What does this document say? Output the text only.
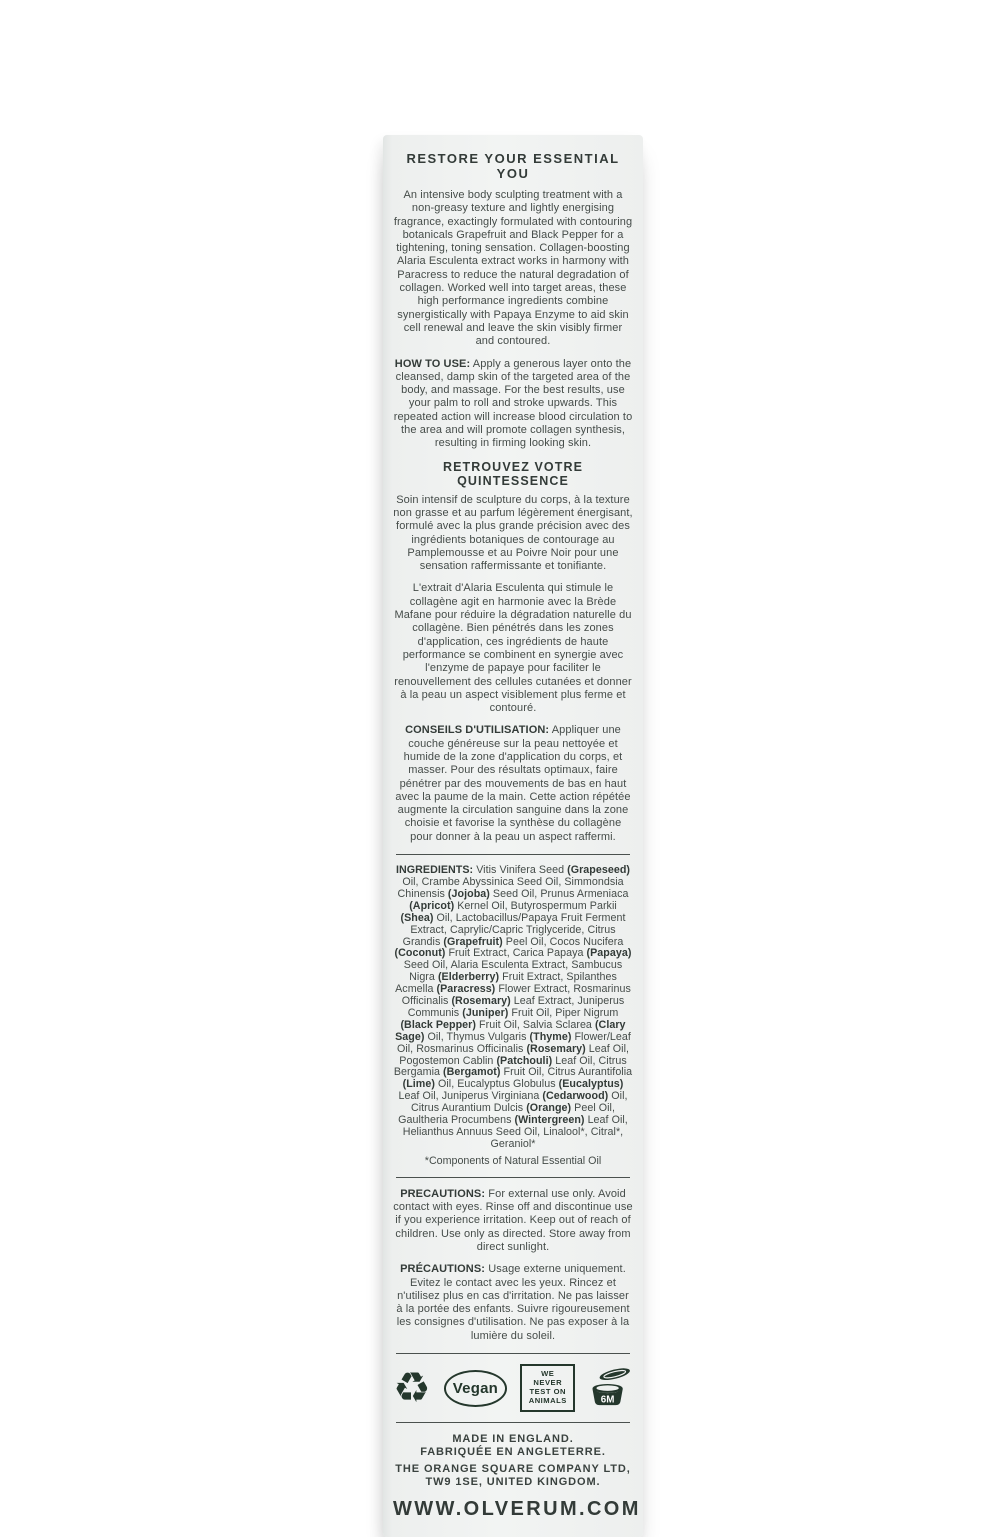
RESTORE YOUR ESSENTIAL YOU

An intensive body sculpting treatment with a non-greasy texture and lightly energising fragrance, exactingly formulated with contouring botanicals Grapefruit and Black Pepper for a tightening, toning sensation. Collagen-boosting Alaria Esculenta extract works in harmony with Paracress to reduce the natural degradation of collagen. Worked well into target areas, these high performance ingredients combine synergistically with Papaya Enzyme to aid skin cell renewal and leave the skin visibly firmer and contoured.

HOW TO USE: Apply a generous layer onto the cleansed, damp skin of the targeted area of the body, and massage. For the best results, use your palm to roll and stroke upwards. This repeated action will increase blood circulation to the area and will promote collagen synthesis, resulting in firming looking skin.

RETROUVEZ VOTRE QUINTESSENCE

Soin intensif de sculpture du corps, à la texture non grasse et au parfum légèrement énergisant, formulé avec la plus grande précision avec des ingrédients botaniques de contourage au Pamplemousse et au Poivre Noir pour une sensation raffermissante et tonifiante.

L'extrait d'Alaria Esculenta qui stimule le collagène agit en harmonie avec la Brède Mafane pour réduire la dégradation naturelle du collagène. Bien pénétrés dans les zones d'application, ces ingrédients de haute performance se combinent en synergie avec l'enzyme de papaye pour faciliter le renouvellement des cellules cutanées et donner à la peau un aspect visiblement plus ferme et contouré.

CONSEILS D'UTILISATION: Appliquer une couche généreuse sur la peau nettoyée et humide de la zone d'application du corps, et masser. Pour des résultats optimaux, faire pénétrer par des mouvements de bas en haut avec la paume de la main. Cette action répétée augmente la circulation sanguine dans la zone choisie et favorise la synthèse du collagène pour donner à la peau un aspect raffermi.

INGREDIENTS: Vitis Vinifera Seed (Grapeseed) Oil, Crambe Abyssinica Seed Oil, Simmondsia Chinensis (Jojoba) Seed Oil, Prunus Armeniaca (Apricot) Kernel Oil, Butyrospermum Parkii (Shea) Oil, Lactobacillus/Papaya Fruit Ferment Extract, Caprylic/Capric Triglyceride, Citrus Grandis (Grapefruit) Peel Oil, Cocos Nucifera (Coconut) Fruit Extract, Carica Papaya (Papaya) Seed Oil, Alaria Esculenta Extract, Sambucus Nigra (Elderberry) Fruit Extract, Spilanthes Acmella (Paracress) Flower Extract, Rosmarinus Officinalis (Rosemary) Leaf Extract, Juniperus Communis (Juniper) Fruit Oil, Piper Nigrum (Black Pepper) Fruit Oil, Salvia Sclarea (Clary Sage) Oil, Thymus Vulgaris (Thyme) Flower/Leaf Oil, Rosmarinus Officinalis (Rosemary) Leaf Oil, Pogostemon Cablin (Patchouli) Leaf Oil, Citrus Bergamia (Bergamot) Fruit Oil, Citrus Aurantifolia (Lime) Oil, Eucalyptus Globulus (Eucalyptus) Leaf Oil, Juniperus Virginiana (Cedarwood) Oil, Citrus Aurantium Dulcis (Orange) Peel Oil, Gaultheria Procumbens (Wintergreen) Leaf Oil, Helianthus Annuus Seed Oil, Linalool*, Citral*, Geraniol*

*Components of Natural Essential Oil

PRECAUTIONS: For external use only. Avoid contact with eyes. Rinse off and discontinue use if you experience irritation. Keep out of reach of children. Use only as directed. Store away from direct sunlight.

PRÉCAUTIONS: Usage externe uniquement. Evitez le contact avec les yeux. Rincez et n'utilisez plus en cas d'irritation. Ne pas laisser à la portée des enfants. Suivre rigoureusement les consignes d'utilisation. Ne pas exposer à la lumière du soleil.

♻	Vegan
WE NEVER
TEST ON
ANIMALS	6M
MADE IN ENGLAND.
FABRIQUÉE EN ANGLETERRE.
THE ORANGE SQUARE COMPANY LTD,
TW9 1SE, UNITED KINGDOM.
WWW.OLVERUM.COM
